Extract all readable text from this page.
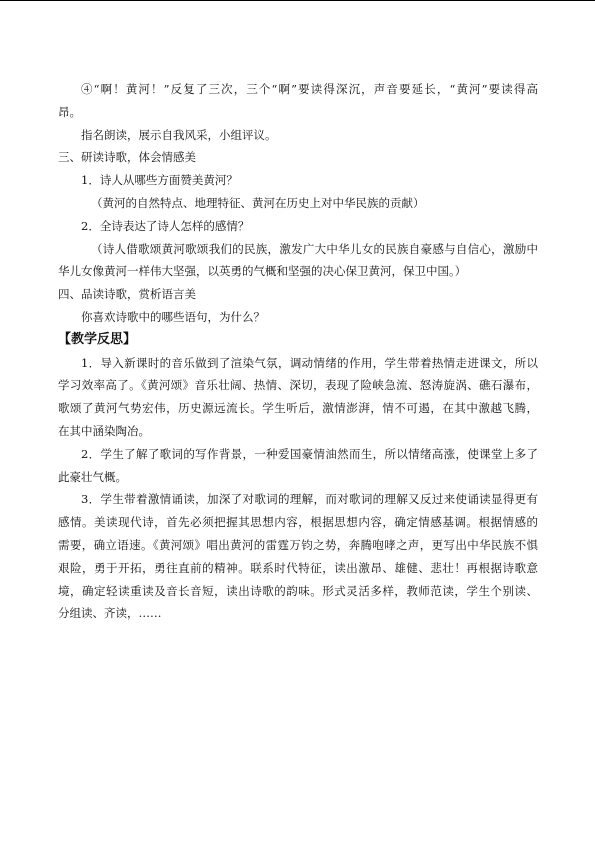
④“啊！黄河！”反复了三次，三个“啊”要读得深沉，声音要延长，“黄河”要读得高
昂。
指名朗读，展示自我风采，小组评议。
三、研读诗歌，体会情感美
1．诗人从哪些方面赞美黄河？
（黄河的自然特点、地理特征、黄河在历史上对中华民族的贡献）
2．全诗表达了诗人怎样的感情？
（诗人借歌颂黄河歌颂我们的民族，激发广大中华儿女的民族自豪感与自信心，激励中
华儿女像黄河一样伟大坚强，以英勇的气概和坚强的决心保卫黄河，保卫中国。）
四、品读诗歌，赏析语言美
你喜欢诗歌中的哪些语句，为什么？
【教学反思】
1．导入新课时的音乐做到了渲染气氛，调动情绪的作用，学生带着热情走进课文，所以
学习效率高了。《黄河颂》音乐壮阔、热情、深切，表现了险峡急流、怒涛旋涡、礁石瀑布，
歌颂了黄河气势宏伟，历史源远流长。学生听后，激情澎湃，情不可遏，在其中激越飞腾，
在其中涵染陶冶。
2．学生了解了歌词的写作背景，一种爱国豪情油然而生，所以情绪高涨，使课堂上多了
此豪壮气概。
3．学生带着激情诵读，加深了对歌词的理解，而对歌词的理解又反过来使诵读显得更有
感情。美读现代诗，首先必须把握其思想内容，根据思想内容，确定情感基调。根据情感的
需要，确立语速。《黄河颂》唱出黄河的雷霆万钧之势，奔腾咆哮之声，更写出中华民族不惧
艰险，勇于开拓，勇往直前的精神。联系时代特征，读出激昂、雄健、悲壮！再根据诗歌意
境，确定轻读重读及音长音短，读出诗歌的韵味。形式灵活多样，教师范读，学生个别读、
分组读、齐读，……
